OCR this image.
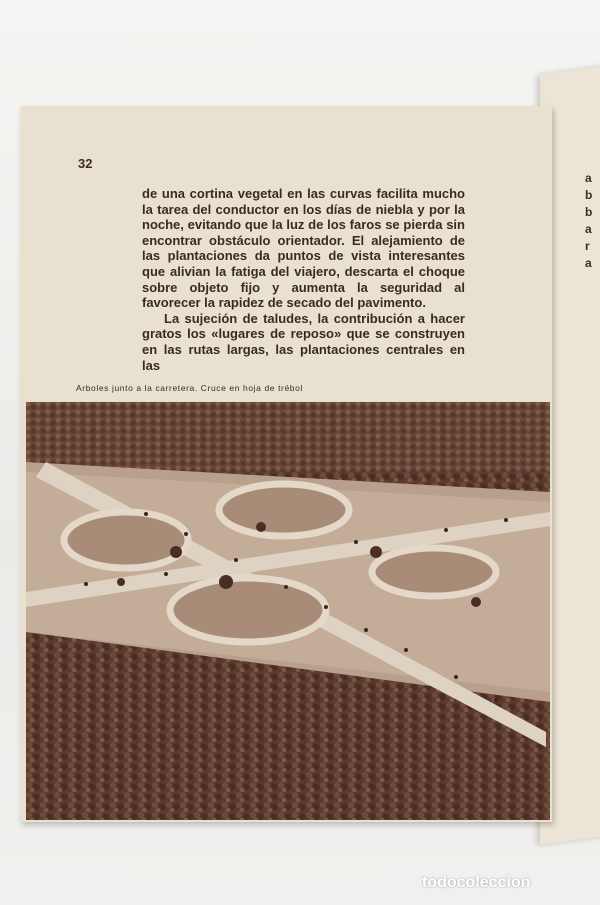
a
b
b
a
r
a
32

de una cortina vegetal en las curvas facilita mucho la tarea del conductor en los días de niebla y por la noche, evitando que la luz de los faros se pierda sin encontrar obstáculo orientador. El alejamiento de las plantaciones da puntos de vista interesantes que alivian la fatiga del viajero, descarta el choque sobre objeto fijo y aumenta la seguridad al favorecer la rapidez de secado del pavimento.

La sujeción de taludes, la contribución a hacer gratos los «lugares de reposo» que se construyen en las rutas largas, las plantaciones centrales en las

Arboles junto a la carretera. Cruce en hoja de trébol
todocoleccion
